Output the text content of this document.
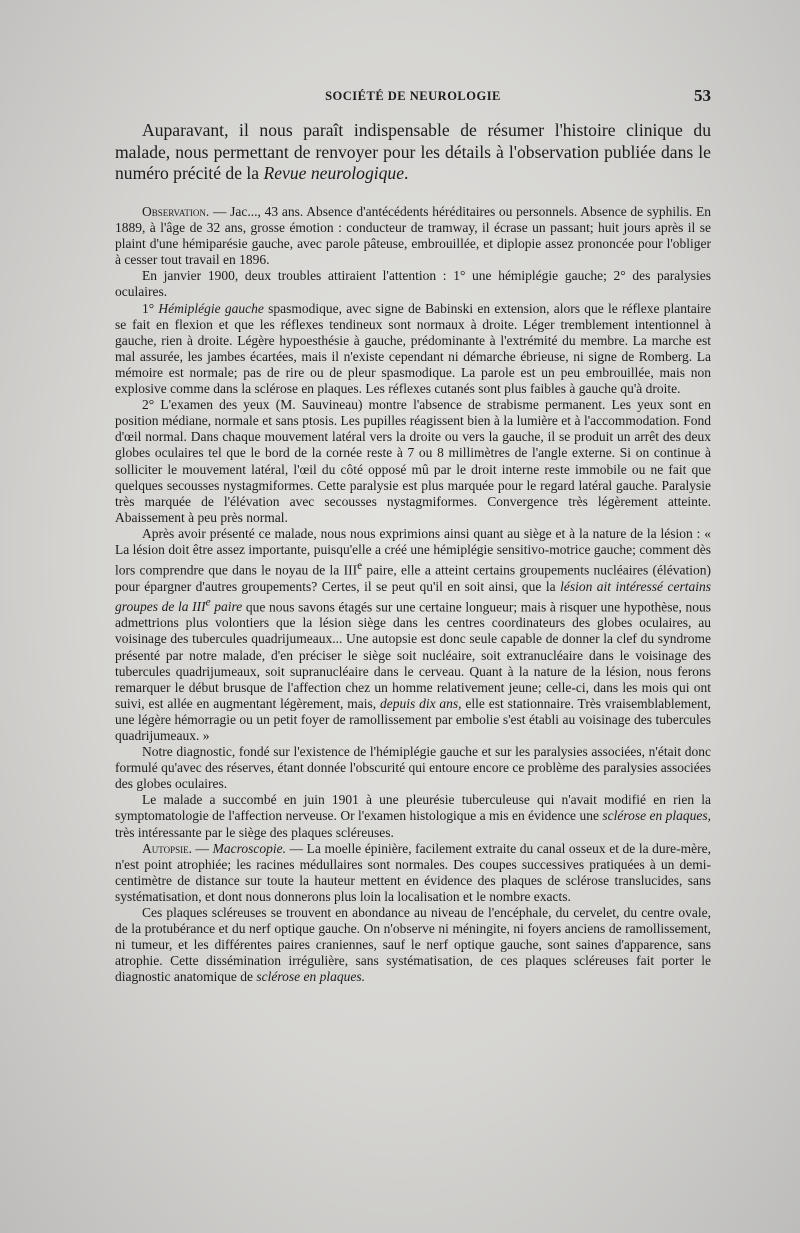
SOCIÉTÉ DE NEUROLOGIE	53

Auparavant, il nous paraît indispensable de résumer l'histoire clinique du malade, nous permettant de renvoyer pour les détails à l'observation publiée dans le numéro précité de la Revue neurologique.

Observation. — Jac..., 43 ans. Absence d'antécédents héréditaires ou personnels. Absence de syphilis. En 1889, à l'âge de 32 ans, grosse émotion : conducteur de tramway, il écrase un passant; huit jours après il se plaint d'une hémiparésie gauche, avec parole pâteuse, embrouillée, et diplopie assez prononcée pour l'obliger à cesser tout travail en 1896.

En janvier 1900, deux troubles attiraient l'attention : 1° une hémiplégie gauche; 2° des paralysies oculaires.

1° Hémiplégie gauche spasmodique, avec signe de Babinski en extension, alors que le réflexe plantaire se fait en flexion et que les réflexes tendineux sont normaux à droite. Léger tremblement intentionnel à gauche, rien à droite. Légère hypoesthésie à gauche, prédominante à l'extrémité du membre. La marche est mal assurée, les jambes écartées, mais il n'existe cependant ni démarche ébrieuse, ni signe de Romberg. La mémoire est normale; pas de rire ou de pleur spasmodique. La parole est un peu embrouillée, mais non explosive comme dans la sclérose en plaques. Les réflexes cutanés sont plus faibles à gauche qu'à droite.

2° L'examen des yeux (M. Sauvineau) montre l'absence de strabisme permanent. Les yeux sont en position médiane, normale et sans ptosis. Les pupilles réagissent bien à la lumière et à l'accommodation. Fond d'œil normal. Dans chaque mouvement latéral vers la droite ou vers la gauche, il se produit un arrêt des deux globes oculaires tel que le bord de la cornée reste à 7 ou 8 millimètres de l'angle externe. Si on continue à solliciter le mouvement latéral, l'œil du côté opposé mû par le droit interne reste immobile ou ne fait que quelques secousses nystagmiformes. Cette paralysie est plus marquée pour le regard latéral gauche. Paralysie très marquée de l'élévation avec secousses nystagmiformes. Convergence très légèrement atteinte. Abaissement à peu près normal.

Après avoir présenté ce malade, nous nous exprimions ainsi quant au siège et à la nature de la lésion : « La lésion doit être assez importante, puisqu'elle a créé une hémiplégie sensitivo-motrice gauche; comment dès lors comprendre que dans le noyau de la IIIe paire, elle a atteint certains groupements nucléaires (élévation) pour épargner d'autres groupements? Certes, il se peut qu'il en soit ainsi, que la lésion ait intéressé certains groupes de la IIIe paire que nous savons étagés sur une certaine longueur; mais à risquer une hypothèse, nous admettrions plus volontiers que la lésion siège dans les centres coordinateurs des globes oculaires, au voisinage des tubercules quadrijumeaux... Une autopsie est donc seule capable de donner la clef du syndrome présenté par notre malade, d'en préciser le siège soit nucléaire, soit extranucléaire dans le voisinage des tubercules quadrijumeaux, soit supranucléaire dans le cerveau. Quant à la nature de la lésion, nous ferons remarquer le début brusque de l'affection chez un homme relativement jeune; celle-ci, dans les mois qui ont suivi, est allée en augmentant légèrement, mais, depuis dix ans, elle est stationnaire. Très vraisemblablement, une légère hémorragie ou un petit foyer de ramollissement par embolie s'est établi au voisinage des tubercules quadrijumeaux. »

Notre diagnostic, fondé sur l'existence de l'hémiplégie gauche et sur les paralysies associées, n'était donc formulé qu'avec des réserves, étant donnée l'obscurité qui entoure encore ce problème des paralysies associées des globes oculaires.

Le malade a succombé en juin 1901 à une pleurésie tuberculeuse qui n'avait modifié en rien la symptomatologie de l'affection nerveuse. Or l'examen histologique a mis en évidence une sclérose en plaques, très intéressante par le siège des plaques scléreuses.

Autopsie. — Macroscopie. — La moelle épinière, facilement extraite du canal osseux et de la dure-mère, n'est point atrophiée; les racines médullaires sont normales. Des coupes successives pratiquées à un demi-centimètre de distance sur toute la hauteur mettent en évidence des plaques de sclérose translucides, sans systématisation, et dont nous donnerons plus loin la localisation et le nombre exacts.

Ces plaques scléreuses se trouvent en abondance au niveau de l'encéphale, du cervelet, du centre ovale, de la protubérance et du nerf optique gauche. On n'observe ni méningite, ni foyers anciens de ramollissement, ni tumeur, et les différentes paires craniennes, sauf le nerf optique gauche, sont saines d'apparence, sans atrophie. Cette dissémination irrégulière, sans systématisation, de ces plaques scléreuses fait porter le diagnostic anatomique de sclérose en plaques.
